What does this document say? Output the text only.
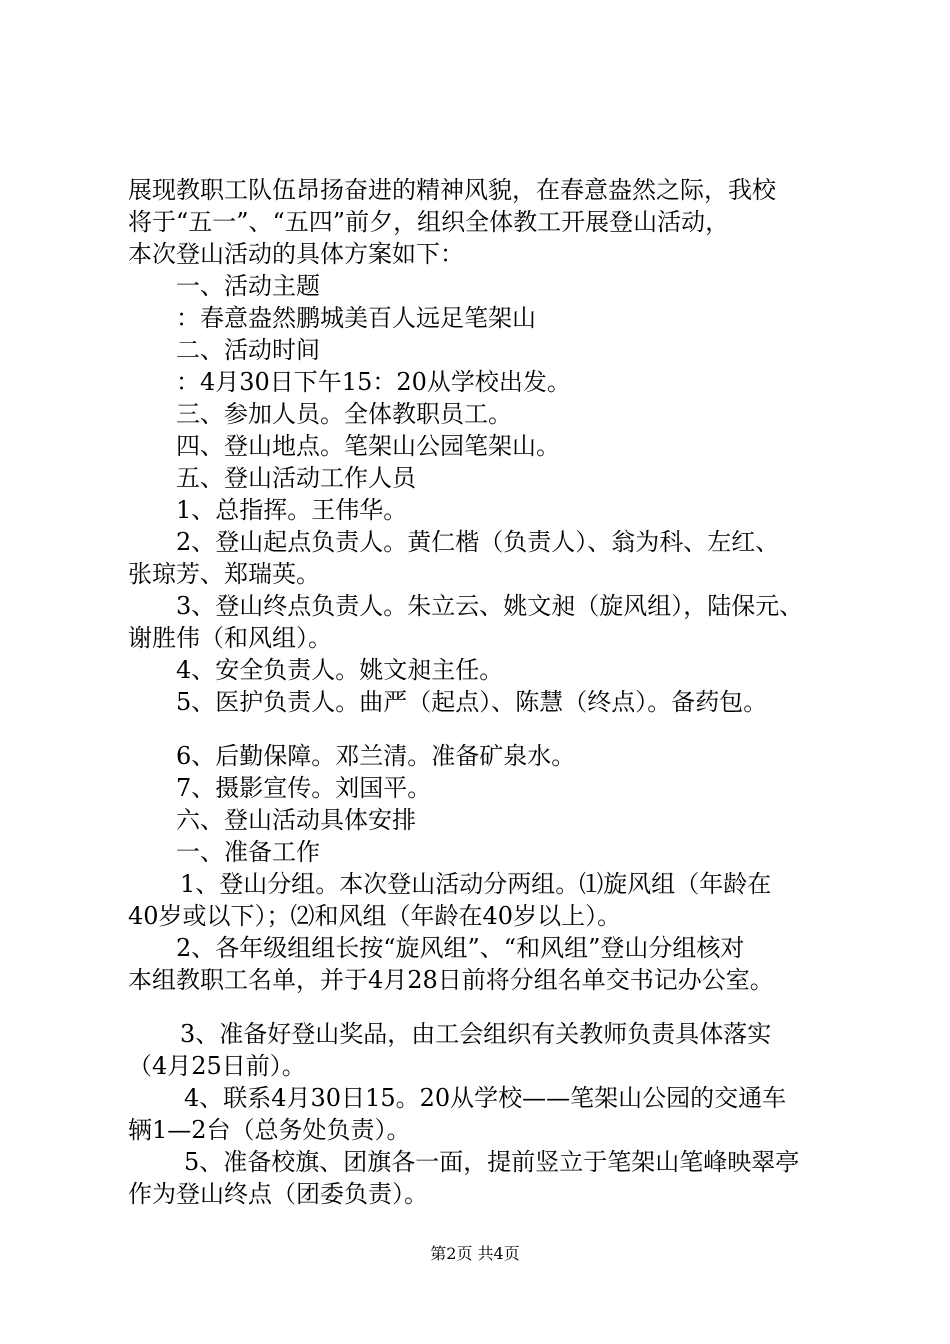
展现教职工队伍昂扬奋进的精神风貌，在春意盎然之际，我校
将于“五一”、“五四”前夕，组织全体教工开展登山活动，
本次登山活动的具体方案如下：
一、活动主题
：春意盎然鹏城美百人远足笔架山
二、活动时间
：4月30日下午15：20从学校出发。
三、参加人员。全体教职员工。
四、登山地点。笔架山公园笔架山。
五、登山活动工作人员
1、总指挥。王伟华。
2、登山起点负责人。黄仁楷（负责人）、翁为科、左红、
张琼芳、郑瑞英。
3、登山终点负责人。朱立云、姚文昶（旋风组），陆保元、
谢胜伟（和风组）。
4、安全负责人。姚文昶主任。
5、医护负责人。曲严（起点）、陈慧（终点）。备药包。
6、后勤保障。邓兰清。准备矿泉水。
7、摄影宣传。刘国平。
六、登山活动具体安排
一、准备工作
1、登山分组。本次登山活动分两组。⑴旋风组（年龄在
40岁或以下）；⑵和风组（年龄在40岁以上）。
2、各年级组组长按“旋风组”、“和风组”登山分组核对
本组教职工名单，并于4月28日前将分组名单交书记办公室。
3、准备好登山奖品，由工会组织有关教师负责具体落实
（4月25日前）。
4、联系4月30日15。20从学校——笔架山公园的交通车
辆1—2台（总务处负责）。
5、准备校旗、团旗各一面，提前竖立于笔架山笔峰映翠亭
作为登山终点（团委负责）。
第2页 共4页
